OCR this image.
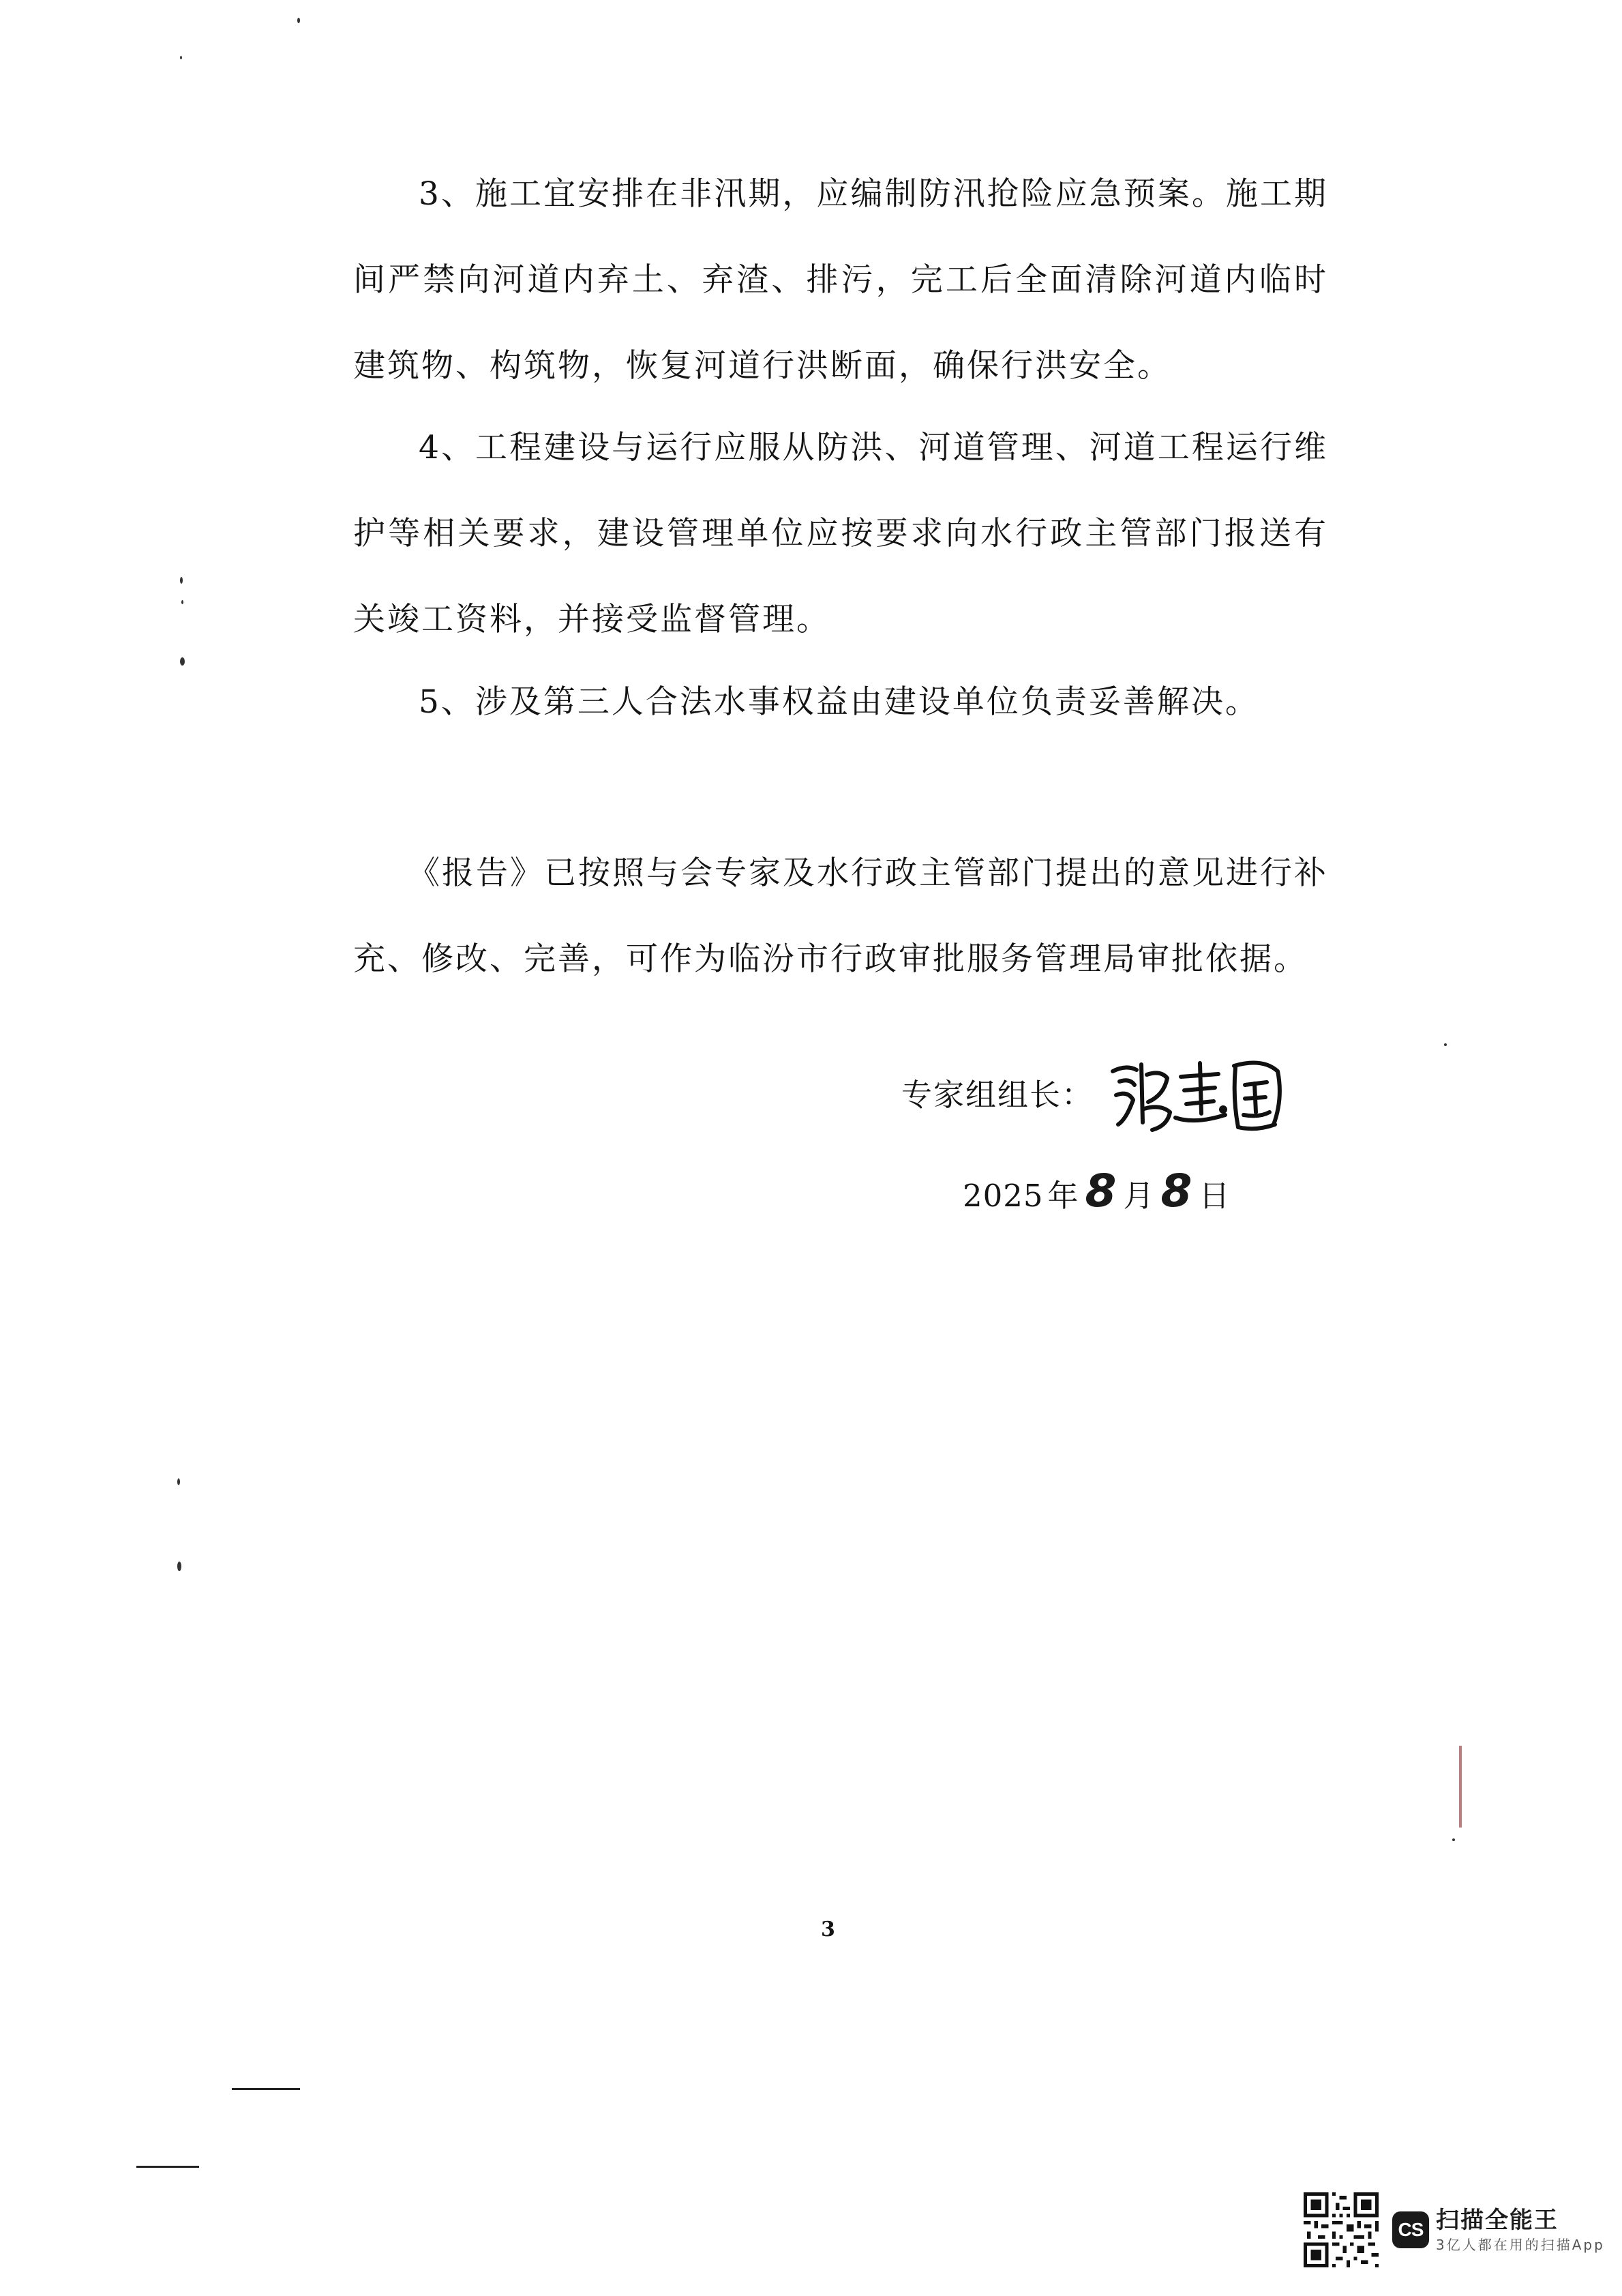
3、施工宜安排在非汛期，应编制防汛抢险应急预案。施工期间严禁向河道内弃土、弃渣、排污，完工后全面清除河道内临时建筑物、构筑物，恢复河道行洪断面，确保行洪安全。

4、工程建设与运行应服从防洪、河道管理、河道工程运行维护等相关要求，建设管理单位应按要求向水行政主管部门报送有关竣工资料，并接受监督管理。

5、涉及第三人合法水事权益由建设单位负责妥善解决。

《报告》已按照与会专家及水行政主管部门提出的意见进行补充、修改、完善，可作为临汾市行政审批服务管理局审批依据。

专家组组长：
2025 年 8 月 8 日
3
CS 扫描全能王
3亿人都在用的扫描App
